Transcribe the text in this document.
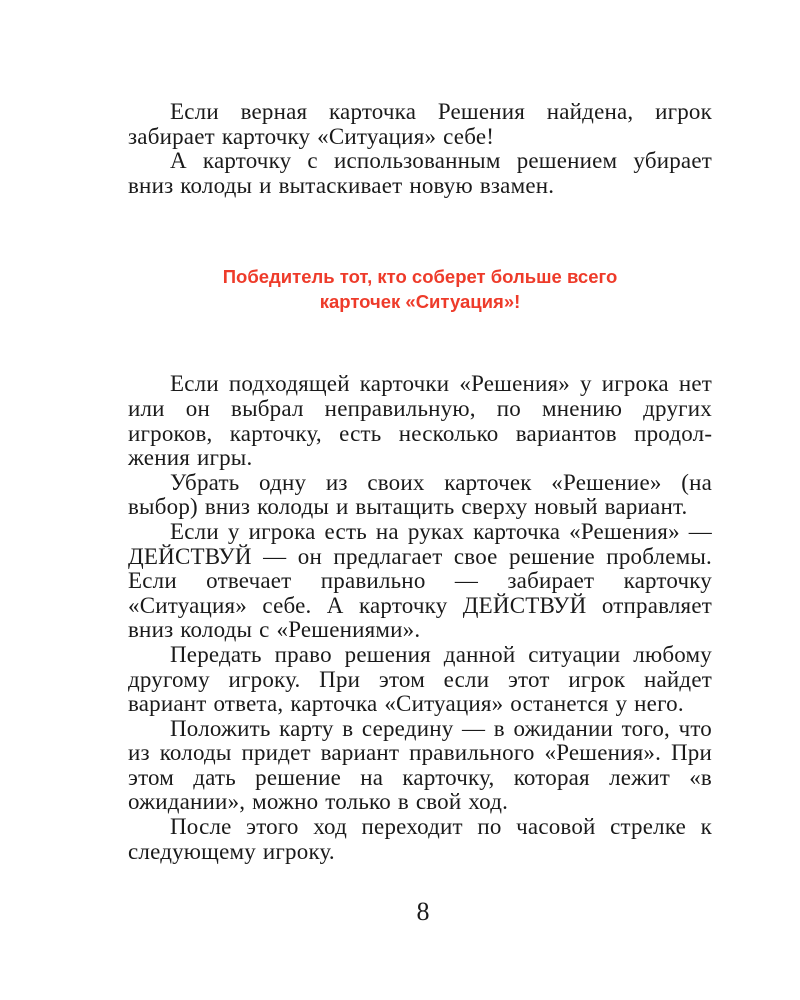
Если верная карточка Решения найдена, игрок забирает карточку «Ситуация» себе!

А карточку с использованным решением убирает вниз колоды и вытаскивает новую взамен.

Победитель тот, кто соберет больше всего
карточек «Ситуация»!

Если подходящей карточки «Решения» у игрока нет или он выбрал неправильную, по мнению других игроков, карточку, есть несколько вариантов продолжения игры.

Убрать одну из своих карточек «Решение» (на выбор) вниз колоды и вытащить сверху новый вариант.

Если у игрока есть на руках карточка «Решения» — ДЕЙСТВУЙ — он предлагает свое решение проблемы. Если отвечает правильно — забирает карточку «Ситуация» себе. А карточку ДЕЙСТВУЙ отправляет вниз колоды с «Решениями».

Передать право решения данной ситуации любому другому игроку. При этом если этот игрок найдет вариант ответа, карточка «Ситуация» останется у него.

Положить карту в середину — в ожидании того, что из колоды придет вариант правильного «Решения». При этом дать решение на карточку, которая лежит «в ожидании», можно только в свой ход.

После этого ход переходит по часовой стрелке к следующему игроку.

8
